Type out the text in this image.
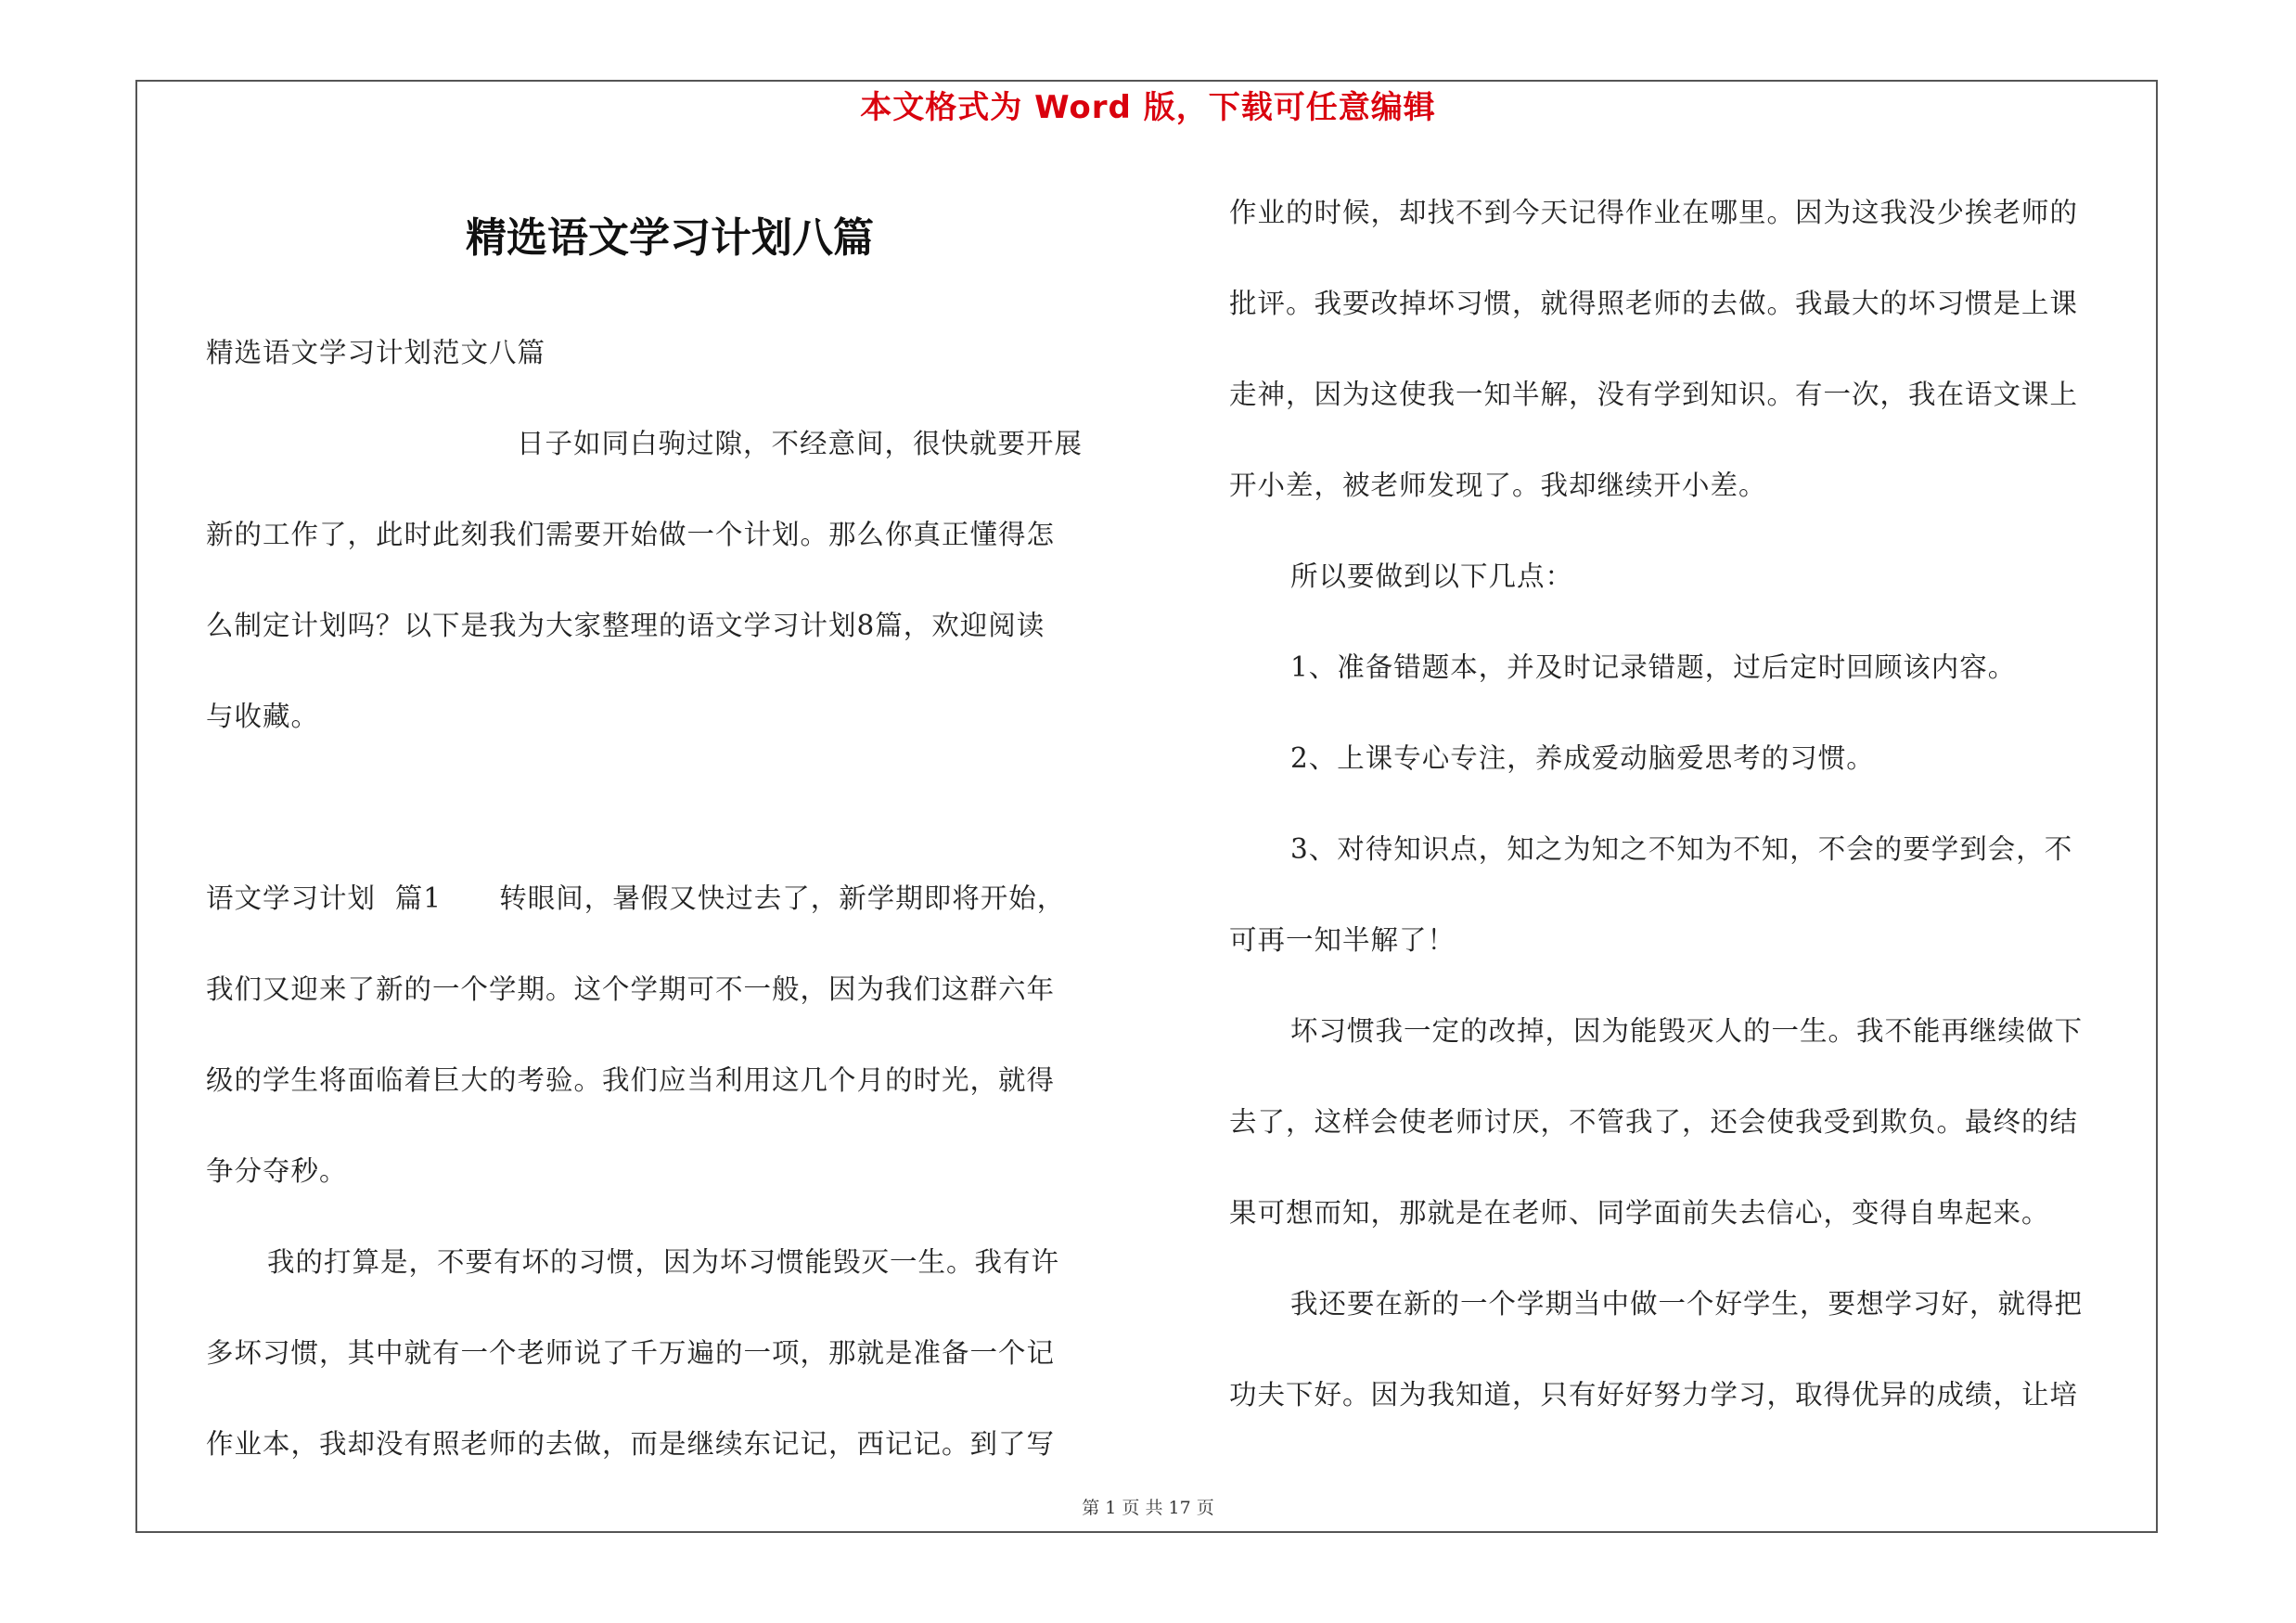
本文格式为 Word 版，下载可任意编辑
精选语文学习计划八篇
精选语文学习计划范文八篇
日子如同白驹过隙，不经意间，很快就要开展
新的工作了，此时此刻我们需要开始做一个计划。那么你真正懂得怎
么制定计划吗？以下是我为大家整理的语文学习计划8篇，欢迎阅读
与收藏。
语文学习计划  篇1      转眼间，暑假又快过去了，新学期即将开始，
我们又迎来了新的一个学期。这个学期可不一般，因为我们这群六年
级的学生将面临着巨大的考验。我们应当利用这几个月的时光，就得
争分夺秒。
我的打算是，不要有坏的习惯，因为坏习惯能毁灭一生。我有许
多坏习惯，其中就有一个老师说了千万遍的一项，那就是准备一个记
作业本，我却没有照老师的去做，而是继续东记记，西记记。到了写
作业的时候，却找不到今天记得作业在哪里。因为这我没少挨老师的
批评。我要改掉坏习惯，就得照老师的去做。我最大的坏习惯是上课
走神，因为这使我一知半解，没有学到知识。有一次，我在语文课上
开小差，被老师发现了。我却继续开小差。
所以要做到以下几点：
1、准备错题本，并及时记录错题，过后定时回顾该内容。
2、上课专心专注，养成爱动脑爱思考的习惯。
3、对待知识点，知之为知之不知为不知，不会的要学到会，不
可再一知半解了！
坏习惯我一定的改掉，因为能毁灭人的一生。我不能再继续做下
去了，这样会使老师讨厌，不管我了，还会使我受到欺负。最终的结
果可想而知，那就是在老师、同学面前失去信心，变得自卑起来。
我还要在新的一个学期当中做一个好学生，要想学习好，就得把
功夫下好。因为我知道，只有好好努力学习，取得优异的成绩，让培
第 1 页 共 17 页
